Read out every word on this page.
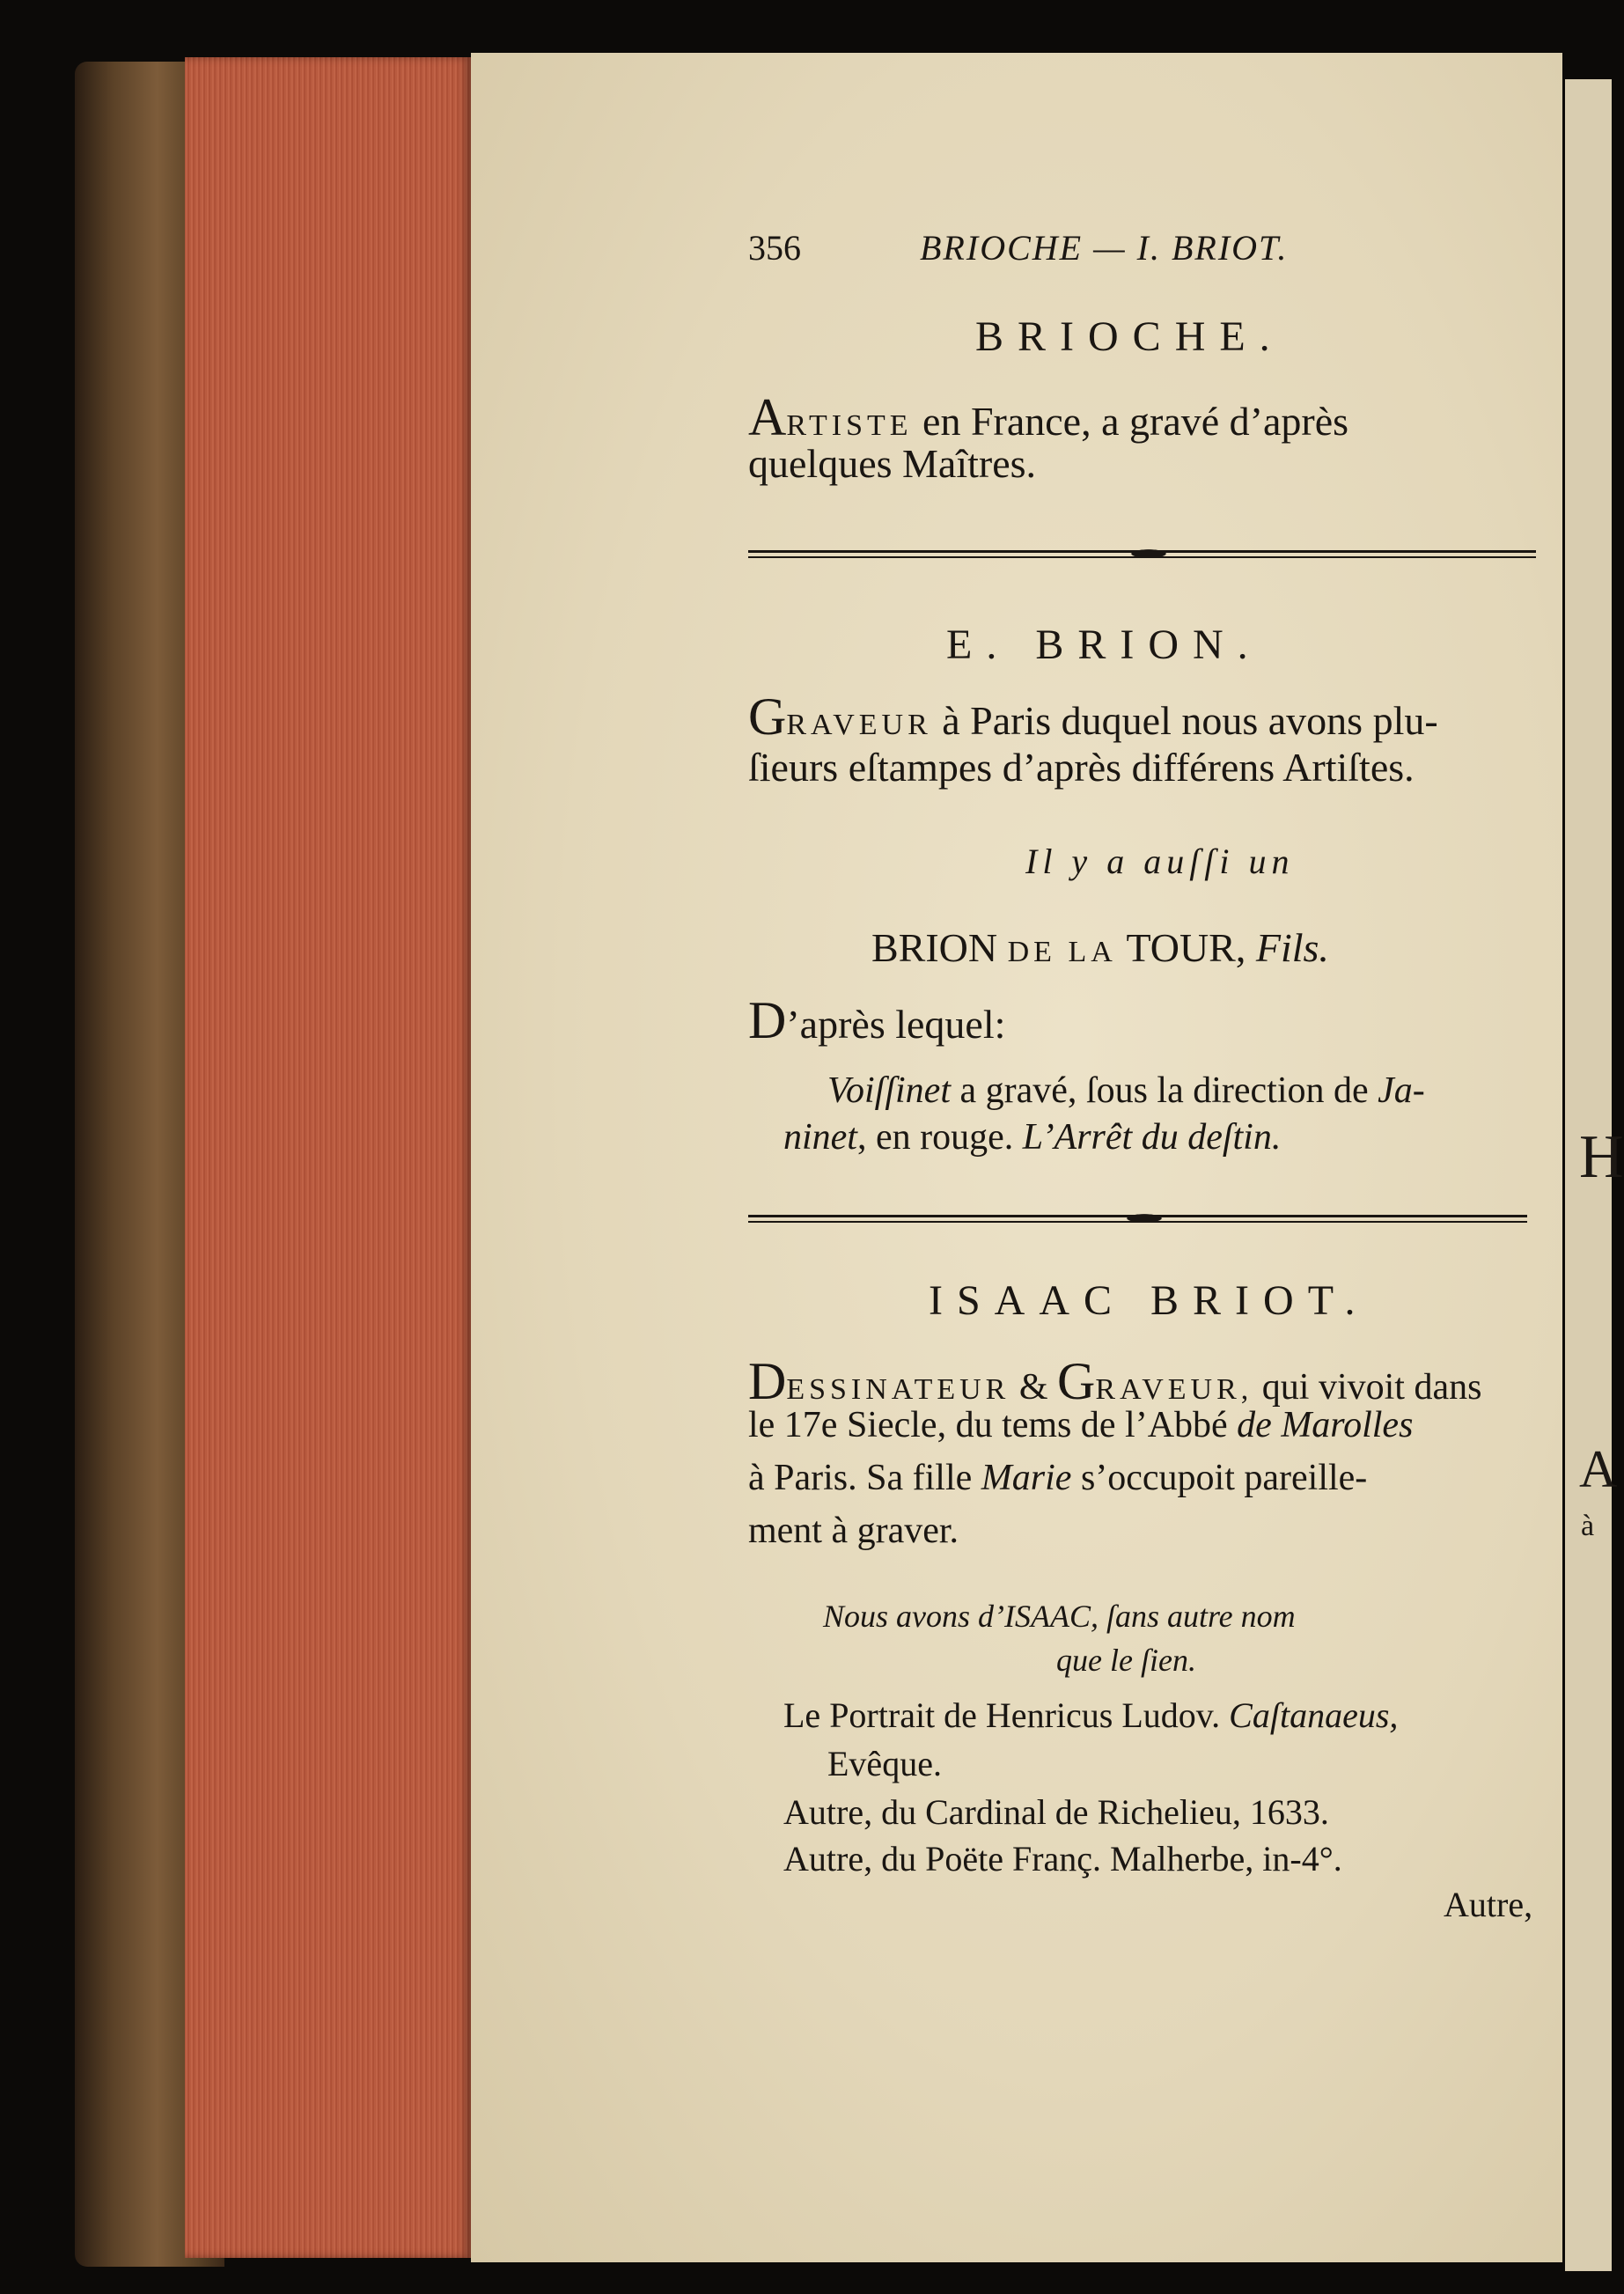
H
A
à
356	BRIOCHE — I. BRIOT.
BRIOCHE.
ARTISTE en France, a gravé d’après
quelques Maîtres.
E. BRION.
GRAVEUR à Paris duquel nous avons plu-
ſieurs eſtampes d’après différens Artiſtes.
Il y a auſſi un
BRION DE LA TOUR, Fils.
D’après lequel:
Voiſſinet a gravé, ſous la direction de Ja-
ninet, en rouge. L’Arrêt du deſtin.
ISAAC BRIOT.
DESSINATEUR & GRAVEUR, qui vivoit dans
le 17e Siecle, du tems de l’Abbé de Marolles
à Paris. Sa fille Marie s’occupoit pareille-
ment à graver.
Nous avons d’ISAAC, ſans autre nom
que le ſien.
Le Portrait de Henricus Ludov. Caſtanaeus,
Evêque.
Autre, du Cardinal de Richelieu, 1633.
Autre, du Poëte Franç. Malherbe, in-4°.
Autre,
